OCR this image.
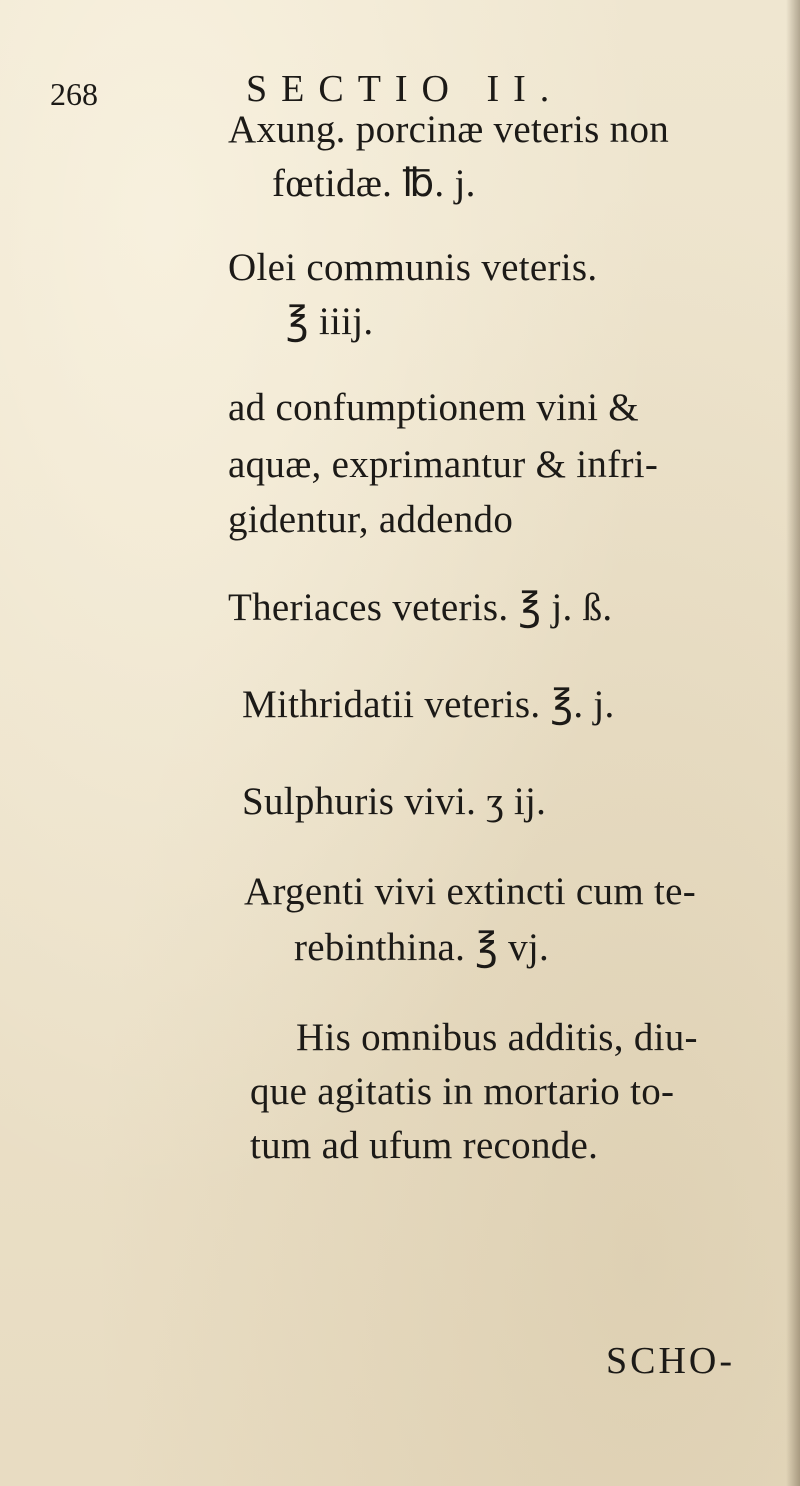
268	SECTIO II.
Axung. porcinæ veteris non
fœtidæ. ℔. j.
Olei communis veteris.
℥ iiij.
ad confumptionem vini &
aquæ, exprimantur & infri-
gidentur, addendo
Theriaces veteris. ℥ j. ß.
Mithridatii veteris. ℥. j.
Sulphuris vivi. ʒ ij.
Argenti vivi extincti cum te-
rebinthina. ℥ vj.
His omnibus additis, diu-
que agitatis in mortario to-
tum ad ufum reconde.
SCHO-
